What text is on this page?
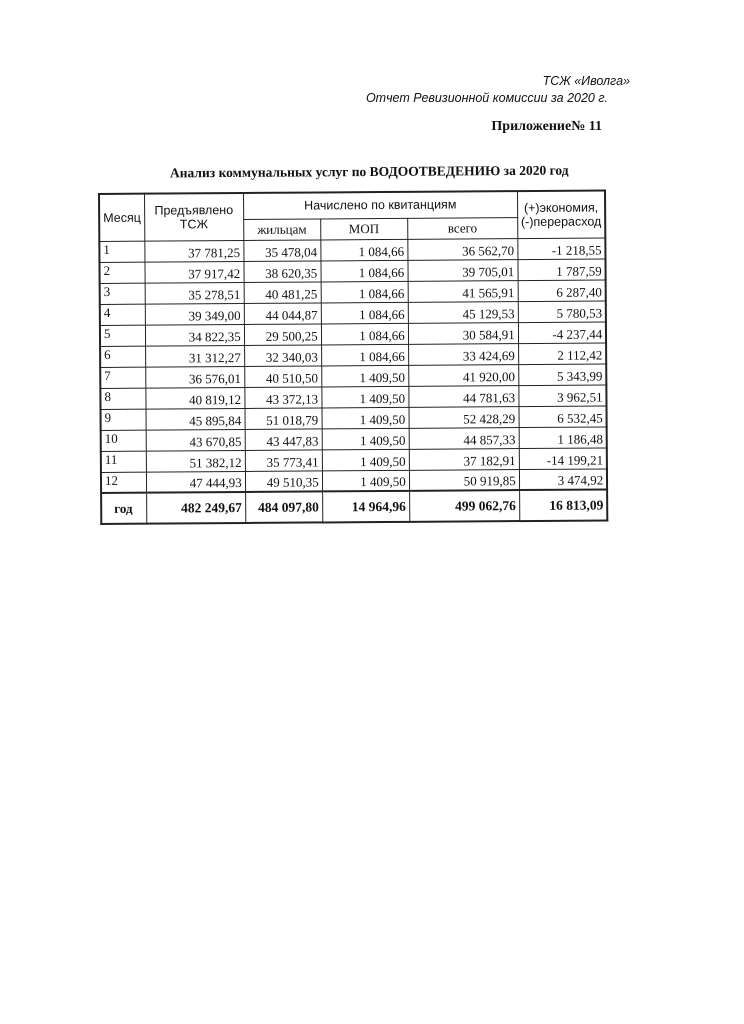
ТСЖ «Иволга»
Отчет Ревизионной комиссии за 2020 г.
Приложение№ 11
Анализ коммунальных услуг по ВОДООТВЕДЕНИЮ за 2020 год
Месяц	Предъявлено ТСЖ	Начислено по квитанциям			(+)экономия, (-)перерасход
		жильцам	МОП	всего	
1	37 781,25	35 478,04	1 084,66	36 562,70	-1 218,55
2	37 917,42	38 620,35	1 084,66	39 705,01	1 787,59
3	35 278,51	40 481,25	1 084,66	41 565,91	6 287,40
4	39 349,00	44 044,87	1 084,66	45 129,53	5 780,53
5	34 822,35	29 500,25	1 084,66	30 584,91	-4 237,44
6	31 312,27	32 340,03	1 084,66	33 424,69	2 112,42
7	36 576,01	40 510,50	1 409,50	41 920,00	5 343,99
8	40 819,12	43 372,13	1 409,50	44 781,63	3 962,51
9	45 895,84	51 018,79	1 409,50	52 428,29	6 532,45
10	43 670,85	43 447,83	1 409,50	44 857,33	1 186,48
11	51 382,12	35 773,41	1 409,50	37 182,91	-14 199,21
12	47 444,93	49 510,35	1 409,50	50 919,85	3 474,92
год	482 249,67	484 097,80	14 964,96	499 062,76	16 813,09
